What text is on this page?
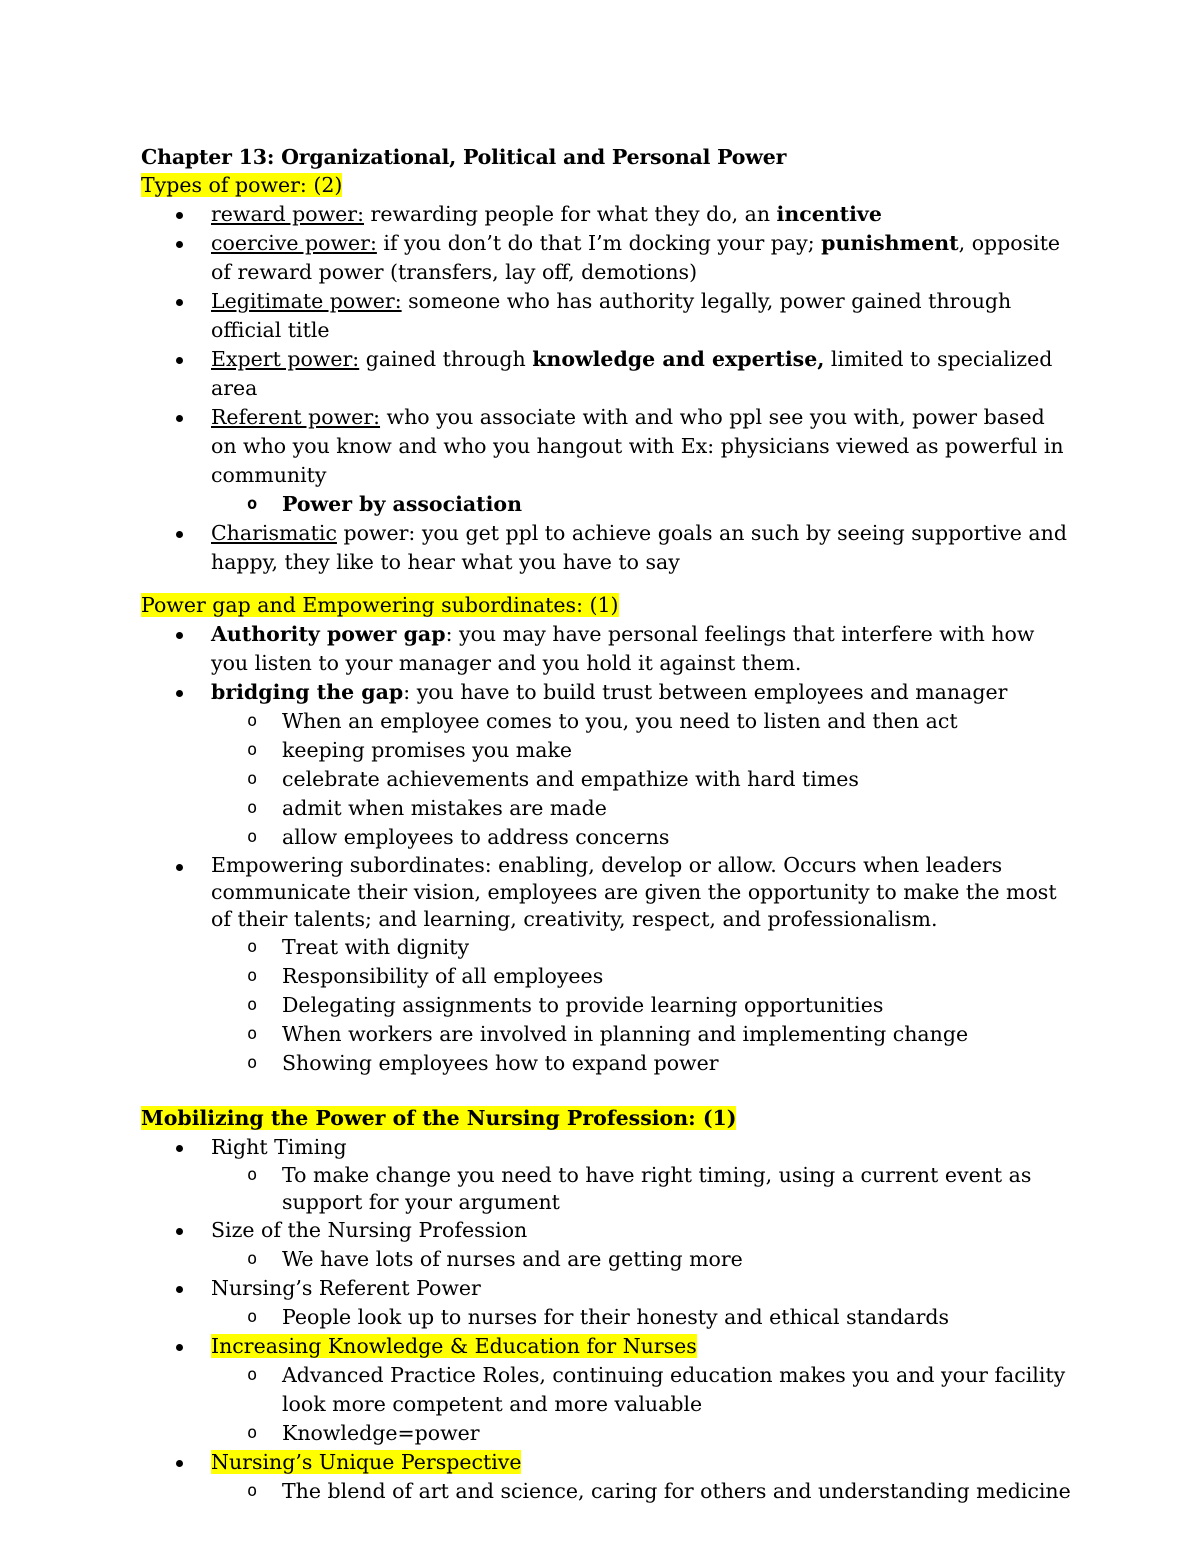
Chapter 13: Organizational, Political and Personal Power
Types of power: (2)
reward power: rewarding people for what they do, an incentive
coercive power: if you don’t do that I’m docking your pay; punishment, opposite of reward power (transfers, lay off, demotions)
Legitimate power: someone who has authority legally, power gained through official title
Expert power: gained through knowledge and expertise, limited to specialized area
Referent power: who you associate with and who ppl see you with, power based on who you know and who you hangout with Ex: physicians viewed as powerful in community
o Power by association
Charismatic power: you get ppl to achieve goals an such by seeing supportive and happy, they like to hear what you have to say
Power gap and Empowering subordinates: (1)
Authority power gap: you may have personal feelings that interfere with how you listen to your manager and you hold it against them.
bridging the gap: you have to build trust between employees and manager
o When an employee comes to you, you need to listen and then act
o keeping promises you make
o celebrate achievements and empathize with hard times
o admit when mistakes are made
o allow employees to address concerns
Empowering subordinates: enabling, develop or allow. Occurs when leaders communicate their vision, employees are given the opportunity to make the most of their talents; and learning, creativity, respect, and professionalism.
o Treat with dignity
o Responsibility of all employees
o Delegating assignments to provide learning opportunities
o When workers are involved in planning and implementing change
o Showing employees how to expand power
Mobilizing the Power of the Nursing Profession: (1)
Right Timing
o To make change you need to have right timing, using a current event as support for your argument
Size of the Nursing Profession
o We have lots of nurses and are getting more
Nursing’s Referent Power
o People look up to nurses for their honesty and ethical standards
Increasing Knowledge & Education for Nurses
o Advanced Practice Roles, continuing education makes you and your facility look more competent and more valuable
o Knowledge=power
Nursing’s Unique Perspective
o The blend of art and science, caring for others and understanding medicine
